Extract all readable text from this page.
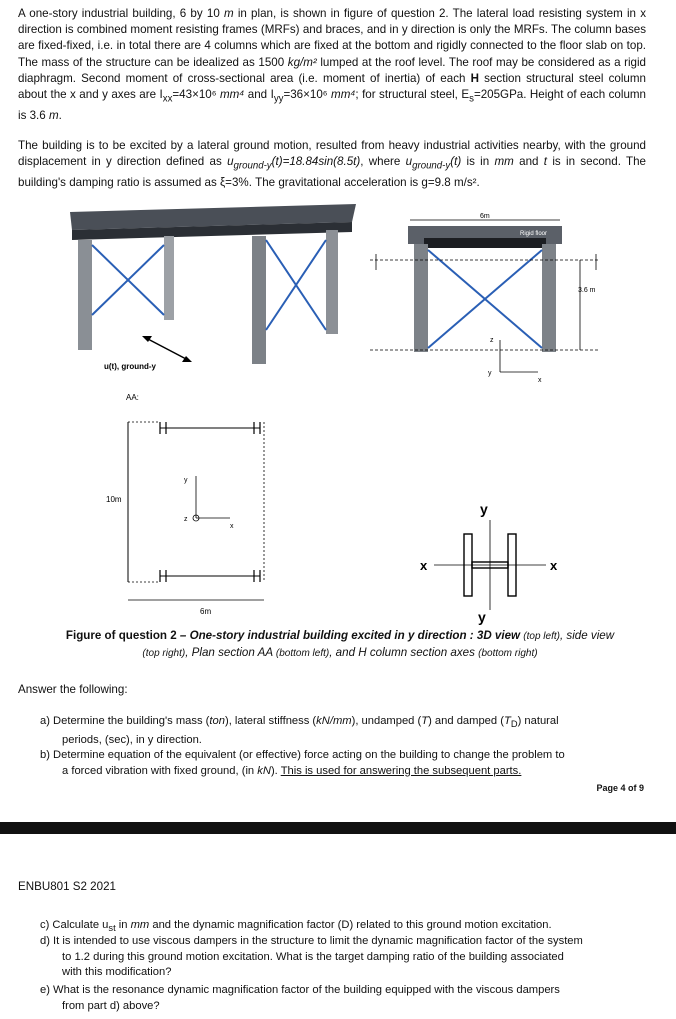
A one-story industrial building, 6 by 10 m in plan, is shown in figure of question 2. The lateral load resisting system in x direction is combined moment resisting frames (MRFs) and braces, and in y direction is only the MRFs. The column bases are fixed-fixed, i.e. in total there are 4 columns which are fixed at the bottom and rigidly connected to the floor slab on top. The mass of the structure can be idealized as 1500 kg/m² lumped at the roof level. The roof may be considered as a rigid diaphragm. Second moment of cross-sectional area (i.e. moment of inertia) of each H section structural steel column about the x and y axes are $I_{xx}=43\times 10^6$ mm⁴ and $I_{yy}=36\times 10^6$ mm⁴; for structural steel, $E_s=205GPa$. Height of each column is 3.6 m.
The building is to be excited by a lateral ground motion, resulted from heavy industrial activities nearby, with the ground displacement in y direction defined as $u_{ground-y}(t)=18.84\sin(8.5t)$, where $u_{ground-y}(t)$ is in mm and t is in second. The building's damping ratio is assumed as ξ=3%. The gravitational acceleration is g=9.8 m/s².
u(t), ground-y
6m
Rigid floor
3.6 m
z
y
x
AA:
10m
6m
y
z
x
y
y
x	x
Figure of question 2 – One-story industrial building excited in y direction : 3D view (top left), side view
(top right), Plan section AA (bottom left), and H column section axes (bottom right)
Answer the following:
a) Determine the building's mass (ton), lateral stiffness (kN/mm), undamped (T) and damped $(T_D)$ natural
periods, (sec), in y direction.
b) Determine equation of the equivalent (or effective) force acting on the building to change the problem to
a forced vibration with fixed ground, (in kN). This is used for answering the subsequent parts.
Page 4 of 9
ENBU801 S2 2021
c) Calculate $u_{st}$ in mm and the dynamic magnification factor (D) related to this ground motion excitation.
d) It is intended to use viscous dampers in the structure to limit the dynamic magnification factor of the system
to 1.2 during this ground motion excitation. What is the target damping ratio of the building associated
with this modification?
e) What is the resonance dynamic magnification factor of the building equipped with the viscous dampers
from part d) above?
